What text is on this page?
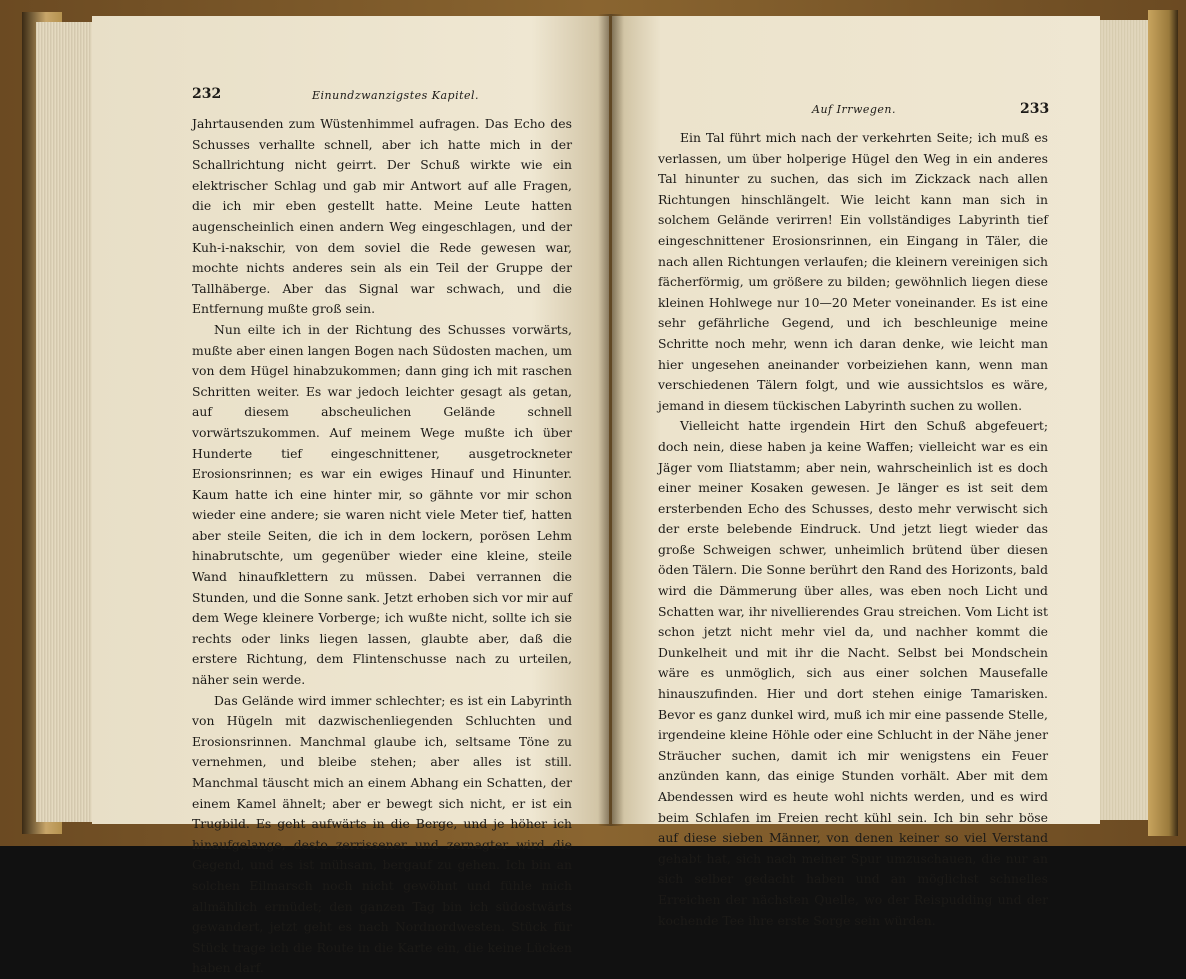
232	Einundzwanzigstes Kapitel.

Jahrtausenden zum Wüstenhimmel aufragen. Das Echo des Schusses verhallte schnell, aber ich hatte mich in der Schallrichtung nicht geirrt. Der Schuß wirkte wie ein elektrischer Schlag und gab mir Antwort auf alle Fragen, die ich mir eben gestellt hatte. Meine Leute hatten augenscheinlich einen andern Weg eingeschlagen, und der Kuh-i-nakschir, von dem soviel die Rede gewesen war, mochte nichts anderes sein als ein Teil der Gruppe der Tallhäberge. Aber das Signal war schwach, und die Entfernung mußte groß sein.

Nun eilte ich in der Richtung des Schusses vorwärts, mußte aber einen langen Bogen nach Südosten machen, um von dem Hügel hinabzukommen; dann ging ich mit raschen Schritten weiter. Es war jedoch leichter gesagt als getan, auf diesem abscheulichen Gelände schnell vorwärtszukommen. Auf meinem Wege mußte ich über Hunderte tief eingeschnittener, ausgetrockneter Erosionsrinnen; es war ein ewiges Hinauf und Hinunter. Kaum hatte ich eine hinter mir, so gähnte vor mir schon wieder eine andere; sie waren nicht viele Meter tief, hatten aber steile Seiten, die ich in dem lockern, porösen Lehm hinabrutschte, um gegenüber wieder eine kleine, steile Wand hinaufklettern zu müssen. Dabei verrannen die Stunden, und die Sonne sank. Jetzt erhoben sich vor mir auf dem Wege kleinere Vorberge; ich wußte nicht, sollte ich sie rechts oder links liegen lassen, glaubte aber, daß die erstere Richtung, dem Flintenschusse nach zu urteilen, näher sein werde.

Das Gelände wird immer schlechter; es ist ein Labyrinth von Hügeln mit dazwischenliegenden Schluchten und Erosionsrinnen. Manchmal glaube ich, seltsame Töne zu vernehmen, und bleibe stehen; aber alles ist still. Manchmal täuscht mich an einem Abhang ein Schatten, der einem Kamel ähnelt; aber er bewegt sich nicht, er ist ein Trugbild. Es geht aufwärts in die Berge, und je höher ich hinaufgelange, desto zerrissener und zernagter wird die Gegend, und es ist mühsam, bergauf zu gehen. Ich bin an solchen Eilmarsch noch nicht gewöhnt und fühle mich allmählich ermüdet; den ganzen Tag bin ich südostwärts gewandert, jetzt geht es nach Nordnordwesten. Stück für Stück trage ich die Route in die Karte ein, die keine Lücken haben darf.

Auf Irrwegen.	233

Ein Tal führt mich nach der verkehrten Seite; ich muß es verlassen, um über holperige Hügel den Weg in ein anderes Tal hinunter zu suchen, das sich im Zickzack nach allen Richtungen hinschlängelt. Wie leicht kann man sich in solchem Gelände verirren! Ein vollständiges Labyrinth tief eingeschnittener Erosionsrinnen, ein Eingang in Täler, die nach allen Richtungen verlaufen; die kleinern vereinigen sich fächerförmig, um größere zu bilden; gewöhnlich liegen diese kleinen Hohlwege nur 10—20 Meter voneinander. Es ist eine sehr gefährliche Gegend, und ich beschleunige meine Schritte noch mehr, wenn ich daran denke, wie leicht man hier ungesehen aneinander vorbeiziehen kann, wenn man verschiedenen Tälern folgt, und wie aussichtslos es wäre, jemand in diesem tückischen Labyrinth suchen zu wollen.

Vielleicht hatte irgendein Hirt den Schuß abgefeuert; doch nein, diese haben ja keine Waffen; vielleicht war es ein Jäger vom Iliatstamm; aber nein, wahrscheinlich ist es doch einer meiner Kosaken gewesen. Je länger es ist seit dem ersterbenden Echo des Schusses, desto mehr verwischt sich der erste belebende Eindruck. Und jetzt liegt wieder das große Schweigen schwer, unheimlich brütend über diesen öden Tälern. Die Sonne berührt den Rand des Horizonts, bald wird die Dämmerung über alles, was eben noch Licht und Schatten war, ihr nivellierendes Grau streichen. Vom Licht ist schon jetzt nicht mehr viel da, und nachher kommt die Dunkelheit und mit ihr die Nacht. Selbst bei Mondschein wäre es unmöglich, sich aus einer solchen Mausefalle hinauszufinden. Hier und dort stehen einige Tamarisken. Bevor es ganz dunkel wird, muß ich mir eine passende Stelle, irgendeine kleine Höhle oder eine Schlucht in der Nähe jener Sträucher suchen, damit ich mir wenigstens ein Feuer anzünden kann, das einige Stunden vorhält. Aber mit dem Abendessen wird es heute wohl nichts werden, und es wird beim Schlafen im Freien recht kühl sein. Ich bin sehr böse auf diese sieben Männer, von denen keiner so viel Verstand gehabt hat, sich nach meiner Spur umzuschauen, die nur an sich selber gedacht haben und an möglichst schnelles Erreichen der nächsten Quelle, wo der Reispudding und der kochende Tee ihre erste Sorge sein würden.
